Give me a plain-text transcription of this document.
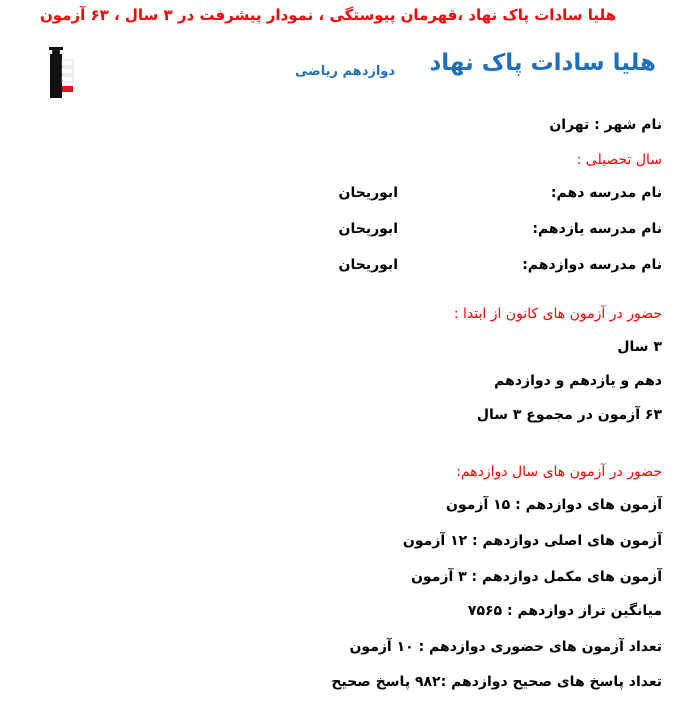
هلیا سادات پاک نهاد ،قهرمان پیوستگی ، نمودار پیشرفت در ۳ سال ، ۶۳ آزمون
هلیا سادات پاک نهاد
دوازدهم ریاضی
نام شهر : تهران
سال تحصیلی :
نام مدرسه دهم:
ابوریحان
نام مدرسه یازدهم:
ابوریحان
نام مدرسه دوازدهم:
ابوریحان
حضور در آزمون های کانون از ابتدا :
۳ سال
دهم و یازدهم و دوازدهم
۶۳ آزمون در مجموع ۳ سال
حضور در آزمون های سال دوازدهم:
آزمون های دوازدهم : ۱۵ آزمون
آزمون های اصلی دوازدهم : ۱۲ آزمون
آزمون های مکمل دوازدهم : ۳ آزمون
میانگین تراز دوازدهم : ۷۵۶۵
تعداد آزمون های حضوری دوازدهم : ۱۰ آزمون
تعداد پاسخ های صحیح دوازدهم :۹۸۲ پاسخ صحیح
